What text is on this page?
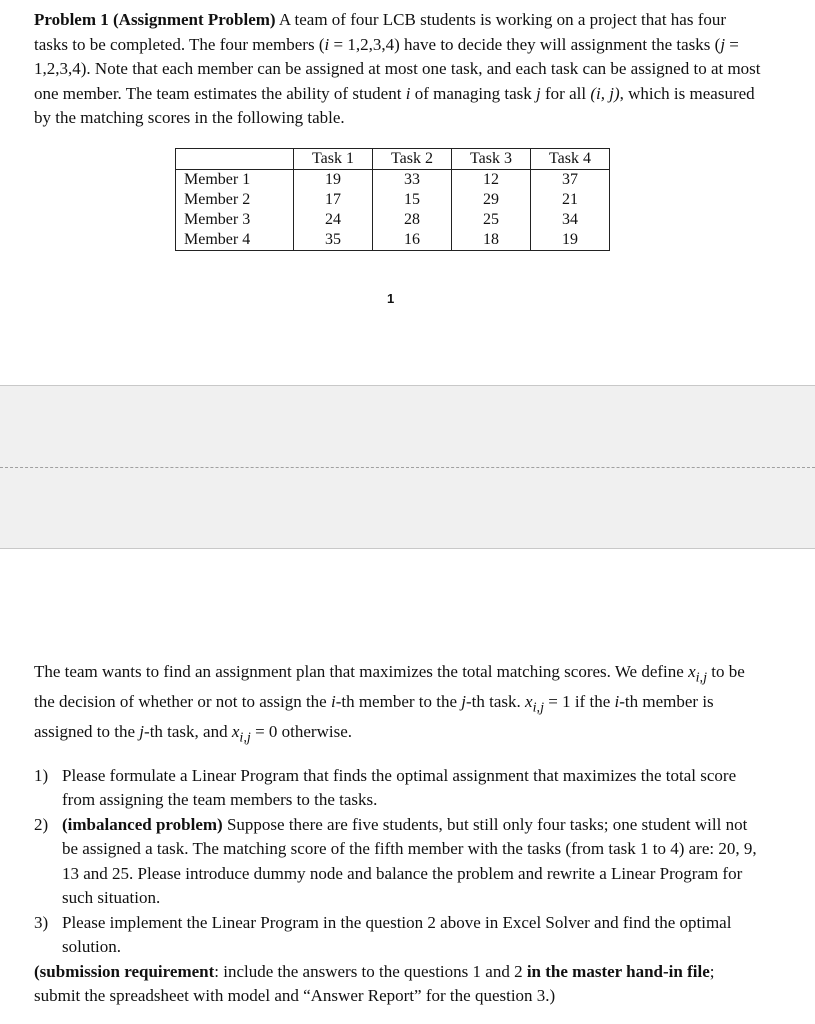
Problem 1 (Assignment Problem) A team of four LCB students is working on a project that has four tasks to be completed. The four members (i = 1,2,3,4) have to decide they will assignment the tasks (j = 1,2,3,4). Note that each member can be assigned at most one task, and each task can be assigned to at most one member. The team estimates the ability of student i of managing task j for all (i, j), which is measured by the matching scores in the following table.

	Task 1	Task 2	Task 3	Task 4
Member 1	19	33	12	37
Member 2	17	15	29	21
Member 3	24	28	25	34
Member 4	35	16	18	19
1

The team wants to find an assignment plan that maximizes the total matching scores. We define $x_{i,j}$ to be the decision of whether or not to assign the i-th member to the j-th task. $x_{i,j} = 1$ if the i-th member is assigned to the j-th task, and $x_{i,j} = 0$ otherwise.

1) Please formulate a Linear Program that finds the optimal assignment that maximizes the total score from assigning the team members to the tasks.
2) (imbalanced problem) Suppose there are five students, but still only four tasks; one student will not be assigned a task. The matching score of the fifth member with the tasks (from task 1 to 4) are: 20, 9, 13 and 25. Please introduce dummy node and balance the problem and rewrite a Linear Program for such situation.
3) Please implement the Linear Program in the question 2 above in Excel Solver and find the optimal solution.

(submission requirement: include the answers to the questions 1 and 2 in the master hand-in file; submit the spreadsheet with model and “Answer Report” for the question 3.)
